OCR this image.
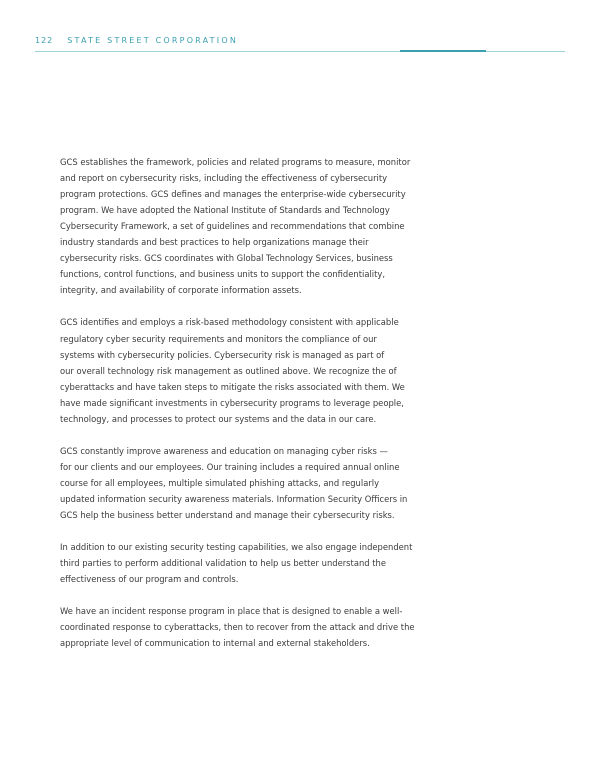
122 STATE STREET CORPORATION

GCS establishes the framework, policies and related programs to measure, monitor
and report on cybersecurity risks, including the effectiveness of cybersecurity
program protections. GCS defines and manages the enterprise-wide cybersecurity
program. We have adopted the National Institute of Standards and Technology
Cybersecurity Framework, a set of guidelines and recommendations that combine
industry standards and best practices to help organizations manage their
cybersecurity risks. GCS coordinates with Global Technology Services, business
functions, control functions, and business units to support the confidentiality,
integrity, and availability of corporate information assets.

GCS identifies and employs a risk-based methodology consistent with applicable
regulatory cyber security requirements and monitors the compliance of our
systems with cybersecurity policies. Cybersecurity risk is managed as part of
our overall technology risk management as outlined above. We recognize the of
cyberattacks and have taken steps to mitigate the risks associated with them. We
have made significant investments in cybersecurity programs to leverage people,
technology, and processes to protect our systems and the data in our care.

GCS constantly improve awareness and education on managing cyber risks —
for our clients and our employees. Our training includes a required annual online
course for all employees, multiple simulated phishing attacks, and regularly
updated information security awareness materials. Information Security Officers in
GCS help the business better understand and manage their cybersecurity risks.

In addition to our existing security testing capabilities, we also engage independent
third parties to perform additional validation to help us better understand the
effectiveness of our program and controls.

We have an incident response program in place that is designed to enable a well-
coordinated response to cyberattacks, then to recover from the attack and drive the
appropriate level of communication to internal and external stakeholders.
